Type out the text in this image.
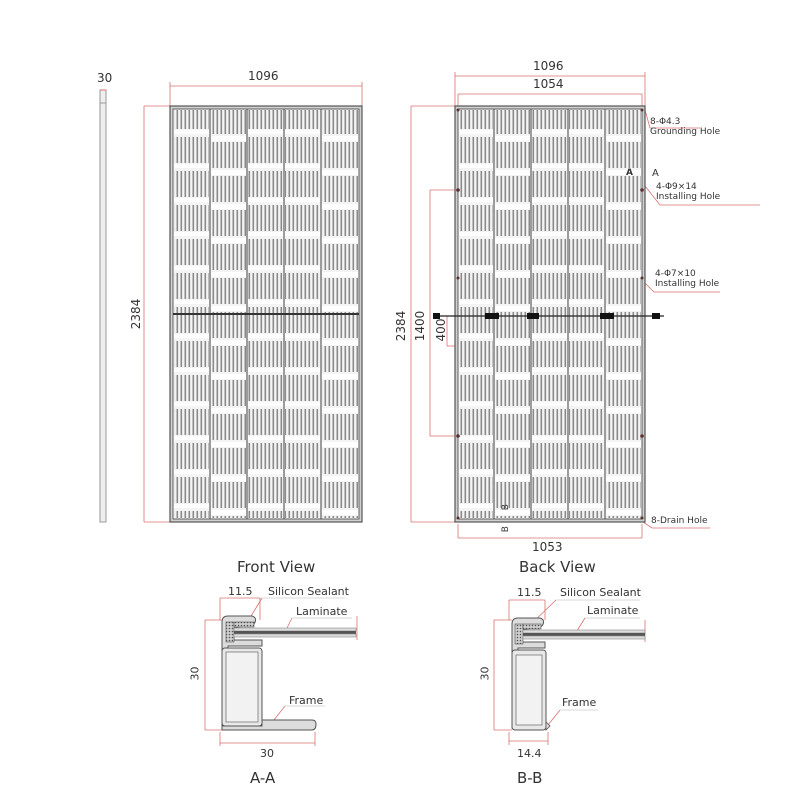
30	1096
2384
Front View
1096
1054
1053
2384 1400 400
A A
B
B
Back View
8-Φ4.3
Grounding Hole
4-Φ9×14
Installing Hole
4-Φ7×10
Installing Hole
8-Drain Hole
11.5 Silicon Sealant
Laminate
Frame
30
30
A-A
11.5 Silicon Sealant
Laminate
Frame
30
14.4
B-B
